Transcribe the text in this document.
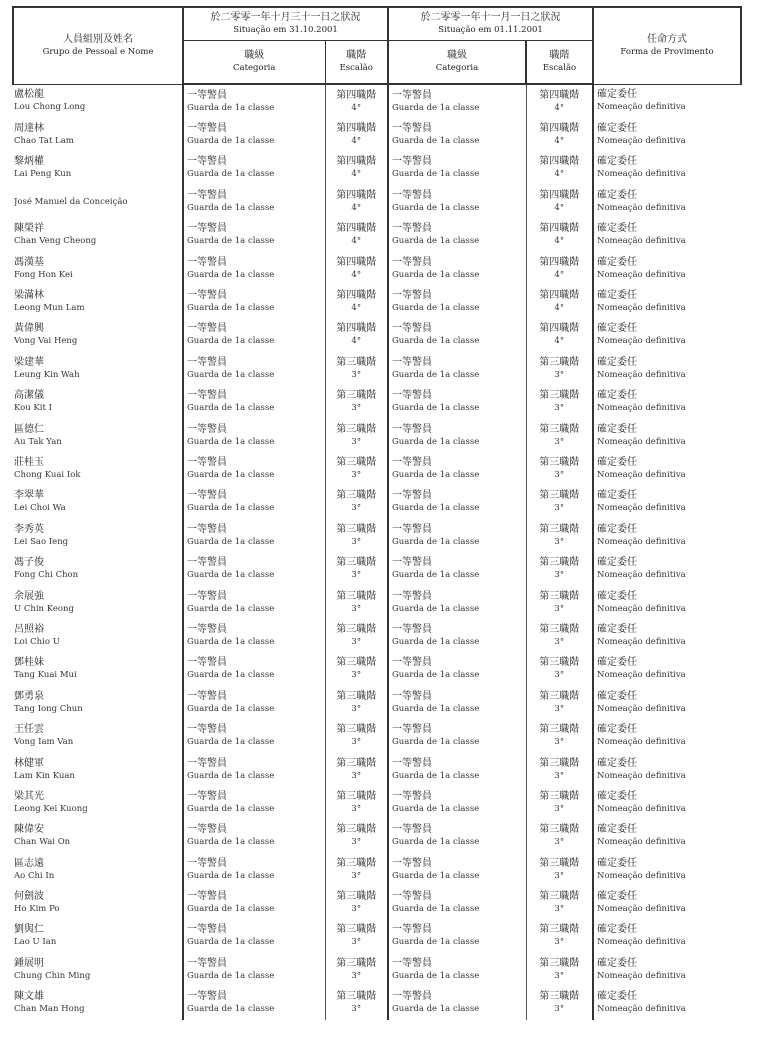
人員組別及姓名
Grupo de Pessoal e Nome	於二零零一年十月三十一日之狀況
Situação em 31.10.2001		於二零零一年十一月一日之狀況
Situação em 01.11.2001		任命方式
Forma de Provimento

	職級
Categoria	職階
Escalão	職級
Categoria	職階
Escalão	

盧松龍
Lou Chong Long	一等警員
Guarda de 1a classe	第四職階
4°	一等警員
Guarda de 1a classe	第四職階
4°	確定委任
Nomeação definitiva

周達林
Chao Tat Lam	一等警員
Guarda de 1a classe	第四職階
4°	一等警員
Guarda de 1a classe	第四職階
4°	確定委任
Nomeação definitiva

黎炳權
Lai Peng Kun	一等警員
Guarda de 1a classe	第四職階
4°	一等警員
Guarda de 1a classe	第四職階
4°	確定委任
Nomeação definitiva

José Manuel da Conceição	一等警員
Guarda de 1a classe	第四職階
4°	一等警員
Guarda de 1a classe	第四職階
4°	確定委任
Nomeação definitiva

陳榮祥
Chan Veng Cheong	一等警員
Guarda de 1a classe	第四職階
4°	一等警員
Guarda de 1a classe	第四職階
4°	確定委任
Nomeação definitiva

馮漢基
Fong Hon Kei	一等警員
Guarda de 1a classe	第四職階
4°	一等警員
Guarda de 1a classe	第四職階
4°	確定委任
Nomeação definitiva

梁滿林
Leong Mun Lam	一等警員
Guarda de 1a classe	第四職階
4°	一等警員
Guarda de 1a classe	第四職階
4°	確定委任
Nomeação definitiva

黃偉興
Vong Vai Heng	一等警員
Guarda de 1a classe	第四職階
4°	一等警員
Guarda de 1a classe	第四職階
4°	確定委任
Nomeação definitiva

梁建華
Leung Kin Wah	一等警員
Guarda de 1a classe	第三職階
3°	一等警員
Guarda de 1a classe	第三職階
3°	確定委任
Nomeação definitiva

高潔儀
Kou Kit I	一等警員
Guarda de 1a classe	第三職階
3°	一等警員
Guarda de 1a classe	第三職階
3°	確定委任
Nomeação definitiva

區德仁
Au Tak Yan	一等警員
Guarda de 1a classe	第三職階
3°	一等警員
Guarda de 1a classe	第三職階
3°	確定委任
Nomeação definitiva

莊桂玉
Chong Kuai Iok	一等警員
Guarda de 1a classe	第三職階
3°	一等警員
Guarda de 1a classe	第三職階
3°	確定委任
Nomeação definitiva

李翠華
Lei Choi Wa	一等警員
Guarda de 1a classe	第三職階
3°	一等警員
Guarda de 1a classe	第三職階
3°	確定委任
Nomeação definitiva

李秀英
Lei Sao Ieng	一等警員
Guarda de 1a classe	第三職階
3°	一等警員
Guarda de 1a classe	第三職階
3°	確定委任
Nomeação definitiva

馮子俊
Fong Chi Chon	一等警員
Guarda de 1a classe	第三職階
3°	一等警員
Guarda de 1a classe	第三職階
3°	確定委任
Nomeação definitiva

余展強
U Chin Keong	一等警員
Guarda de 1a classe	第三職階
3°	一等警員
Guarda de 1a classe	第三職階
3°	確定委任
Nomeação definitiva

呂照裕
Loi Chio U	一等警員
Guarda de 1a classe	第三職階
3°	一等警員
Guarda de 1a classe	第三職階
3°	確定委任
Nomeação definitiva

鄧桂妹
Tang Kuai Mui	一等警員
Guarda de 1a classe	第三職階
3°	一等警員
Guarda de 1a classe	第三職階
3°	確定委任
Nomeação definitiva

鄧勇泉
Tang Iong Chun	一等警員
Guarda de 1a classe	第三職階
3°	一等警員
Guarda de 1a classe	第三職階
3°	確定委任
Nomeação definitiva

王任雲
Vong Iam Van	一等警員
Guarda de 1a classe	第三職階
3°	一等警員
Guarda de 1a classe	第三職階
3°	確定委任
Nomeação definitiva

林健軍
Lam Kin Kuan	一等警員
Guarda de 1a classe	第三職階
3°	一等警員
Guarda de 1a classe	第三職階
3°	確定委任
Nomeação definitiva

梁其光
Leong Kei Kuong	一等警員
Guarda de 1a classe	第三職階
3°	一等警員
Guarda de 1a classe	第三職階
3°	確定委任
Nomeação definitiva

陳偉安
Chan Wai On	一等警員
Guarda de 1a classe	第三職階
3°	一等警員
Guarda de 1a classe	第三職階
3°	確定委任
Nomeação definitiva

區志遠
Ao Chi In	一等警員
Guarda de 1a classe	第三職階
3°	一等警員
Guarda de 1a classe	第三職階
3°	確定委任
Nomeação definitiva

何劍波
Ho Kim Po	一等警員
Guarda de 1a classe	第三職階
3°	一等警員
Guarda de 1a classe	第三職階
3°	確定委任
Nomeação definitiva

劉與仁
Lao U Ian	一等警員
Guarda de 1a classe	第三職階
3°	一等警員
Guarda de 1a classe	第三職階
3°	確定委任
Nomeação definitiva

鍾展明
Chung Chin Ming	一等警員
Guarda de 1a classe	第三職階
3°	一等警員
Guarda de 1a classe	第三職階
3°	確定委任
Nomeação definitiva

陳文雄
Chan Man Hong	一等警員
Guarda de 1a classe	第三職階
3°	一等警員
Guarda de 1a classe	第三職階
3°	確定委任
Nomeação definitiva
